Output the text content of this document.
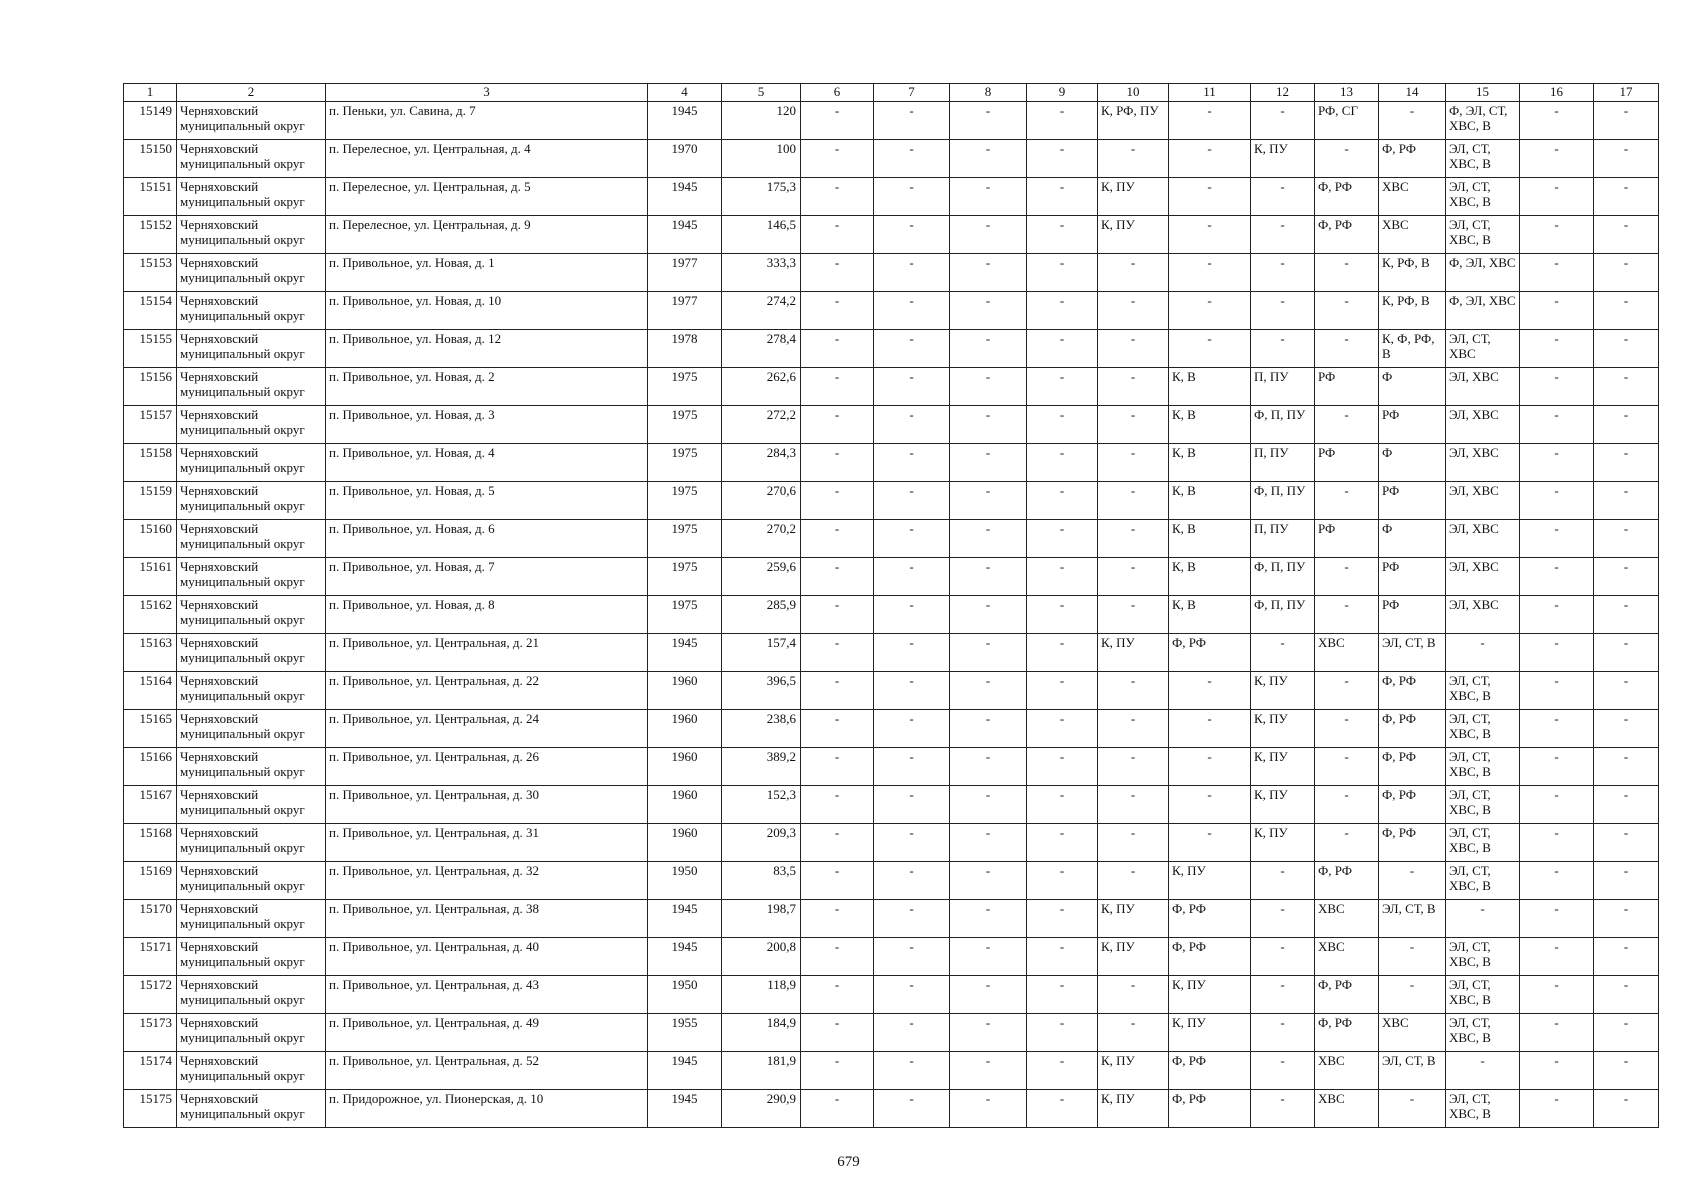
1	2	3	4	5	6	7	8	9	10	11	12	13	14	15	16	17
15149	Черняховский муниципальный округ	п. Пеньки, ул. Савина, д. 7	1945	120	-	-	-	-	К, РФ, ПУ	-	-	РФ, СГ	-	Ф, ЭЛ, СТ, ХВС, В	-	-
15150	Черняховский муниципальный округ	п. Перелесное, ул. Центральная, д. 4	1970	100	-	-	-	-	-	-	К, ПУ	-	Ф, РФ	ЭЛ, СТ, ХВС, В	-	-
15151	Черняховский муниципальный округ	п. Перелесное, ул. Центральная, д. 5	1945	175,3	-	-	-	-	К, ПУ	-	-	Ф, РФ	ХВС	ЭЛ, СТ, ХВС, В	-	-
15152	Черняховский муниципальный округ	п. Перелесное, ул. Центральная, д. 9	1945	146,5	-	-	-	-	К, ПУ	-	-	Ф, РФ	ХВС	ЭЛ, СТ, ХВС, В	-	-
15153	Черняховский муниципальный округ	п. Привольное, ул. Новая, д. 1	1977	333,3	-	-	-	-	-	-	-	-	К, РФ, В	Ф, ЭЛ, ХВС	-	-
15154	Черняховский муниципальный округ	п. Привольное, ул. Новая, д. 10	1977	274,2	-	-	-	-	-	-	-	-	К, РФ, В	Ф, ЭЛ, ХВС	-	-
15155	Черняховский муниципальный округ	п. Привольное, ул. Новая, д. 12	1978	278,4	-	-	-	-	-	-	-	-	К, Ф, РФ, В	ЭЛ, СТ, ХВС	-	-
15156	Черняховский муниципальный округ	п. Привольное, ул. Новая, д. 2	1975	262,6	-	-	-	-	-	К, В	П, ПУ	РФ	Ф	ЭЛ, ХВС	-	-
15157	Черняховский муниципальный округ	п. Привольное, ул. Новая, д. 3	1975	272,2	-	-	-	-	-	К, В	Ф, П, ПУ	-	РФ	ЭЛ, ХВС	-	-
15158	Черняховский муниципальный округ	п. Привольное, ул. Новая, д. 4	1975	284,3	-	-	-	-	-	К, В	П, ПУ	РФ	Ф	ЭЛ, ХВС	-	-
15159	Черняховский муниципальный округ	п. Привольное, ул. Новая, д. 5	1975	270,6	-	-	-	-	-	К, В	Ф, П, ПУ	-	РФ	ЭЛ, ХВС	-	-
15160	Черняховский муниципальный округ	п. Привольное, ул. Новая, д. 6	1975	270,2	-	-	-	-	-	К, В	П, ПУ	РФ	Ф	ЭЛ, ХВС	-	-
15161	Черняховский муниципальный округ	п. Привольное, ул. Новая, д. 7	1975	259,6	-	-	-	-	-	К, В	Ф, П, ПУ	-	РФ	ЭЛ, ХВС	-	-
15162	Черняховский муниципальный округ	п. Привольное, ул. Новая, д. 8	1975	285,9	-	-	-	-	-	К, В	Ф, П, ПУ	-	РФ	ЭЛ, ХВС	-	-
15163	Черняховский муниципальный округ	п. Привольное, ул. Центральная, д. 21	1945	157,4	-	-	-	-	К, ПУ	Ф, РФ	-	ХВС	ЭЛ, СТ, В	-	-	-
15164	Черняховский муниципальный округ	п. Привольное, ул. Центральная, д. 22	1960	396,5	-	-	-	-	-	-	К, ПУ	-	Ф, РФ	ЭЛ, СТ, ХВС, В	-	-
15165	Черняховский муниципальный округ	п. Привольное, ул. Центральная, д. 24	1960	238,6	-	-	-	-	-	-	К, ПУ	-	Ф, РФ	ЭЛ, СТ, ХВС, В	-	-
15166	Черняховский муниципальный округ	п. Привольное, ул. Центральная, д. 26	1960	389,2	-	-	-	-	-	-	К, ПУ	-	Ф, РФ	ЭЛ, СТ, ХВС, В	-	-
15167	Черняховский муниципальный округ	п. Привольное, ул. Центральная, д. 30	1960	152,3	-	-	-	-	-	-	К, ПУ	-	Ф, РФ	ЭЛ, СТ, ХВС, В	-	-
15168	Черняховский муниципальный округ	п. Привольное, ул. Центральная, д. 31	1960	209,3	-	-	-	-	-	-	К, ПУ	-	Ф, РФ	ЭЛ, СТ, ХВС, В	-	-
15169	Черняховский муниципальный округ	п. Привольное, ул. Центральная, д. 32	1950	83,5	-	-	-	-	-	К, ПУ	-	Ф, РФ	-	ЭЛ, СТ, ХВС, В	-	-
15170	Черняховский муниципальный округ	п. Привольное, ул. Центральная, д. 38	1945	198,7	-	-	-	-	К, ПУ	Ф, РФ	-	ХВС	ЭЛ, СТ, В	-	-	-
15171	Черняховский муниципальный округ	п. Привольное, ул. Центральная, д. 40	1945	200,8	-	-	-	-	К, ПУ	Ф, РФ	-	ХВС	-	ЭЛ, СТ, ХВС, В	-	-
15172	Черняховский муниципальный округ	п. Привольное, ул. Центральная, д. 43	1950	118,9	-	-	-	-	-	К, ПУ	-	Ф, РФ	-	ЭЛ, СТ, ХВС, В	-	-
15173	Черняховский муниципальный округ	п. Привольное, ул. Центральная, д. 49	1955	184,9	-	-	-	-	-	К, ПУ	-	Ф, РФ	ХВС	ЭЛ, СТ, ХВС, В	-	-
15174	Черняховский муниципальный округ	п. Привольное, ул. Центральная, д. 52	1945	181,9	-	-	-	-	К, ПУ	Ф, РФ	-	ХВС	ЭЛ, СТ, В	-	-	-
15175	Черняховский муниципальный округ	п. Придорожное, ул. Пионерская, д. 10	1945	290,9	-	-	-	-	К, ПУ	Ф, РФ	-	ХВС	-	ЭЛ, СТ, ХВС, В	-	-
679
